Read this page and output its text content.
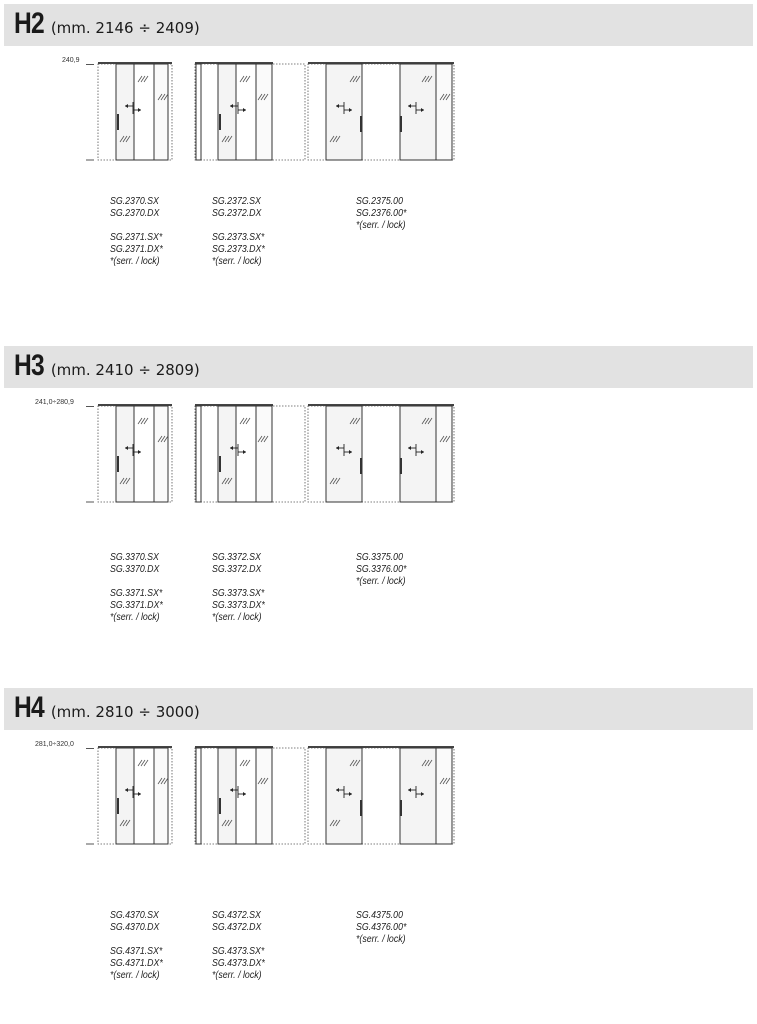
H2 (mm. 2146 ÷ 2409)
240,9
SG.2370.SX
SG.2370.DX
SG.2371.SX*
SG.2371.DX*
*(serr. / lock)
SG.2372.SX
SG.2372.DX
SG.2373.SX*
SG.2373.DX*
*(serr. / lock)
SG.2375.00
SG.2376.00*
*(serr. / lock)
H3 (mm. 2410 ÷ 2809)
241,0÷280,9
SG.3370.SX
SG.3370.DX
SG.3371.SX*
SG.3371.DX*
*(serr. / lock)
SG.3372.SX
SG.3372.DX
SG.3373.SX*
SG.3373.DX*
*(serr. / lock)
SG.3375.00
SG.3376.00*
*(serr. / lock)
H4 (mm. 2810 ÷ 3000)
281,0÷320,0
SG.4370.SX
SG.4370.DX
SG.4371.SX*
SG.4371.DX*
*(serr. / lock)
SG.4372.SX
SG.4372.DX
SG.4373.SX*
SG.4373.DX*
*(serr. / lock)
SG.4375.00
SG.4376.00*
*(serr. / lock)
